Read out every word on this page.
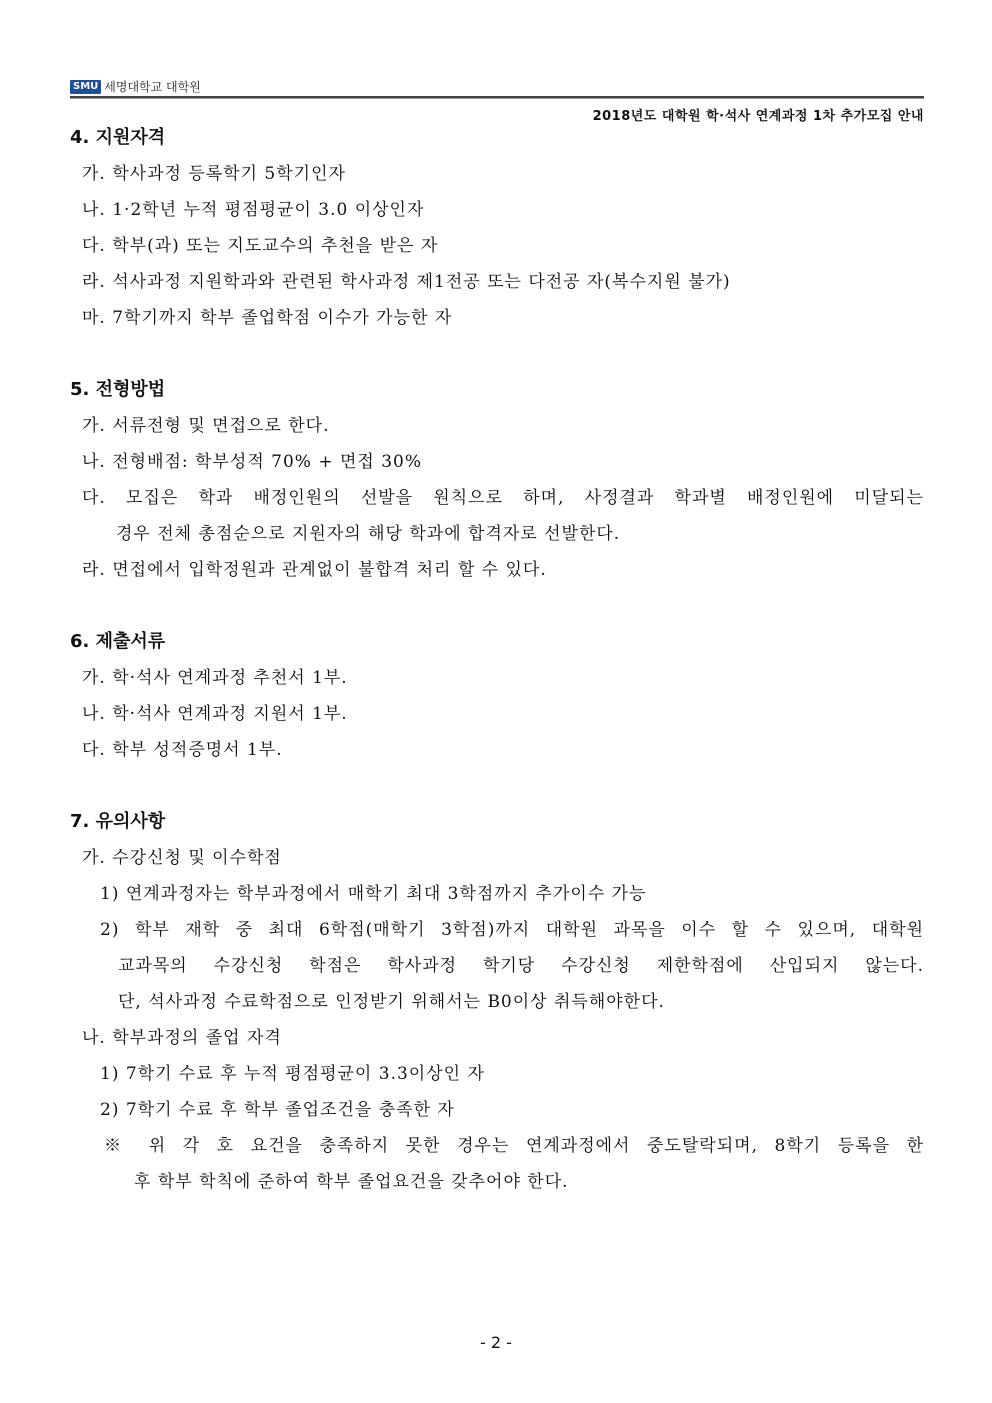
SMU 세명대학교 대학원
2018년도 대학원 학·석사 연계과정 1차 추가모집 안내
4. 지원자격

가. 학사과정 등록학기 5학기인자

나. 1·2학년 누적 평점평균이 3.0 이상인자

다. 학부(과) 또는 지도교수의 추천을 받은 자

라. 석사과정 지원학과와 관련된 학사과정 제1전공 또는 다전공 자(복수지원 불가)

마. 7학기까지 학부 졸업학점 이수가 가능한 자

5. 전형방법

가. 서류전형 및 면접으로 한다.

나. 전형배점: 학부성적 70% + 면접 30%

다. 모집은 학과 배정인원의 선발을 원칙으로 하며, 사정결과 학과별 배정인원에 미달되는

경우 전체 총점순으로 지원자의 해당 학과에 합격자로 선발한다.

라. 면접에서 입학정원과 관계없이 불합격 처리 할 수 있다.

6. 제출서류

가. 학·석사 연계과정 추천서 1부.

나. 학·석사 연계과정 지원서 1부.

다. 학부 성적증명서 1부.

7. 유의사항

가. 수강신청 및 이수학점

1) 연계과정자는 학부과정에서 매학기 최대 3학점까지 추가이수 가능

2) 학부 재학 중 최대 6학점(매학기 3학점)까지 대학원 과목을 이수 할 수 있으며, 대학원

교과목의 수강신청 학점은 학사과정 학기당 수강신청 제한학점에 산입되지 않는다.

단, 석사과정 수료학점으로 인정받기 위해서는 B0이상 취득해야한다.

나. 학부과정의 졸업 자격

1) 7학기 수료 후 누적 평점평균이 3.3이상인 자

2) 7학기 수료 후 학부 졸업조건을 충족한 자

※ 위 각 호 요건을 충족하지 못한 경우는 연계과정에서 중도탈락되며, 8학기 등록을 한

후 학부 학칙에 준하여 학부 졸업요건을 갖추어야 한다.

- 2 -
